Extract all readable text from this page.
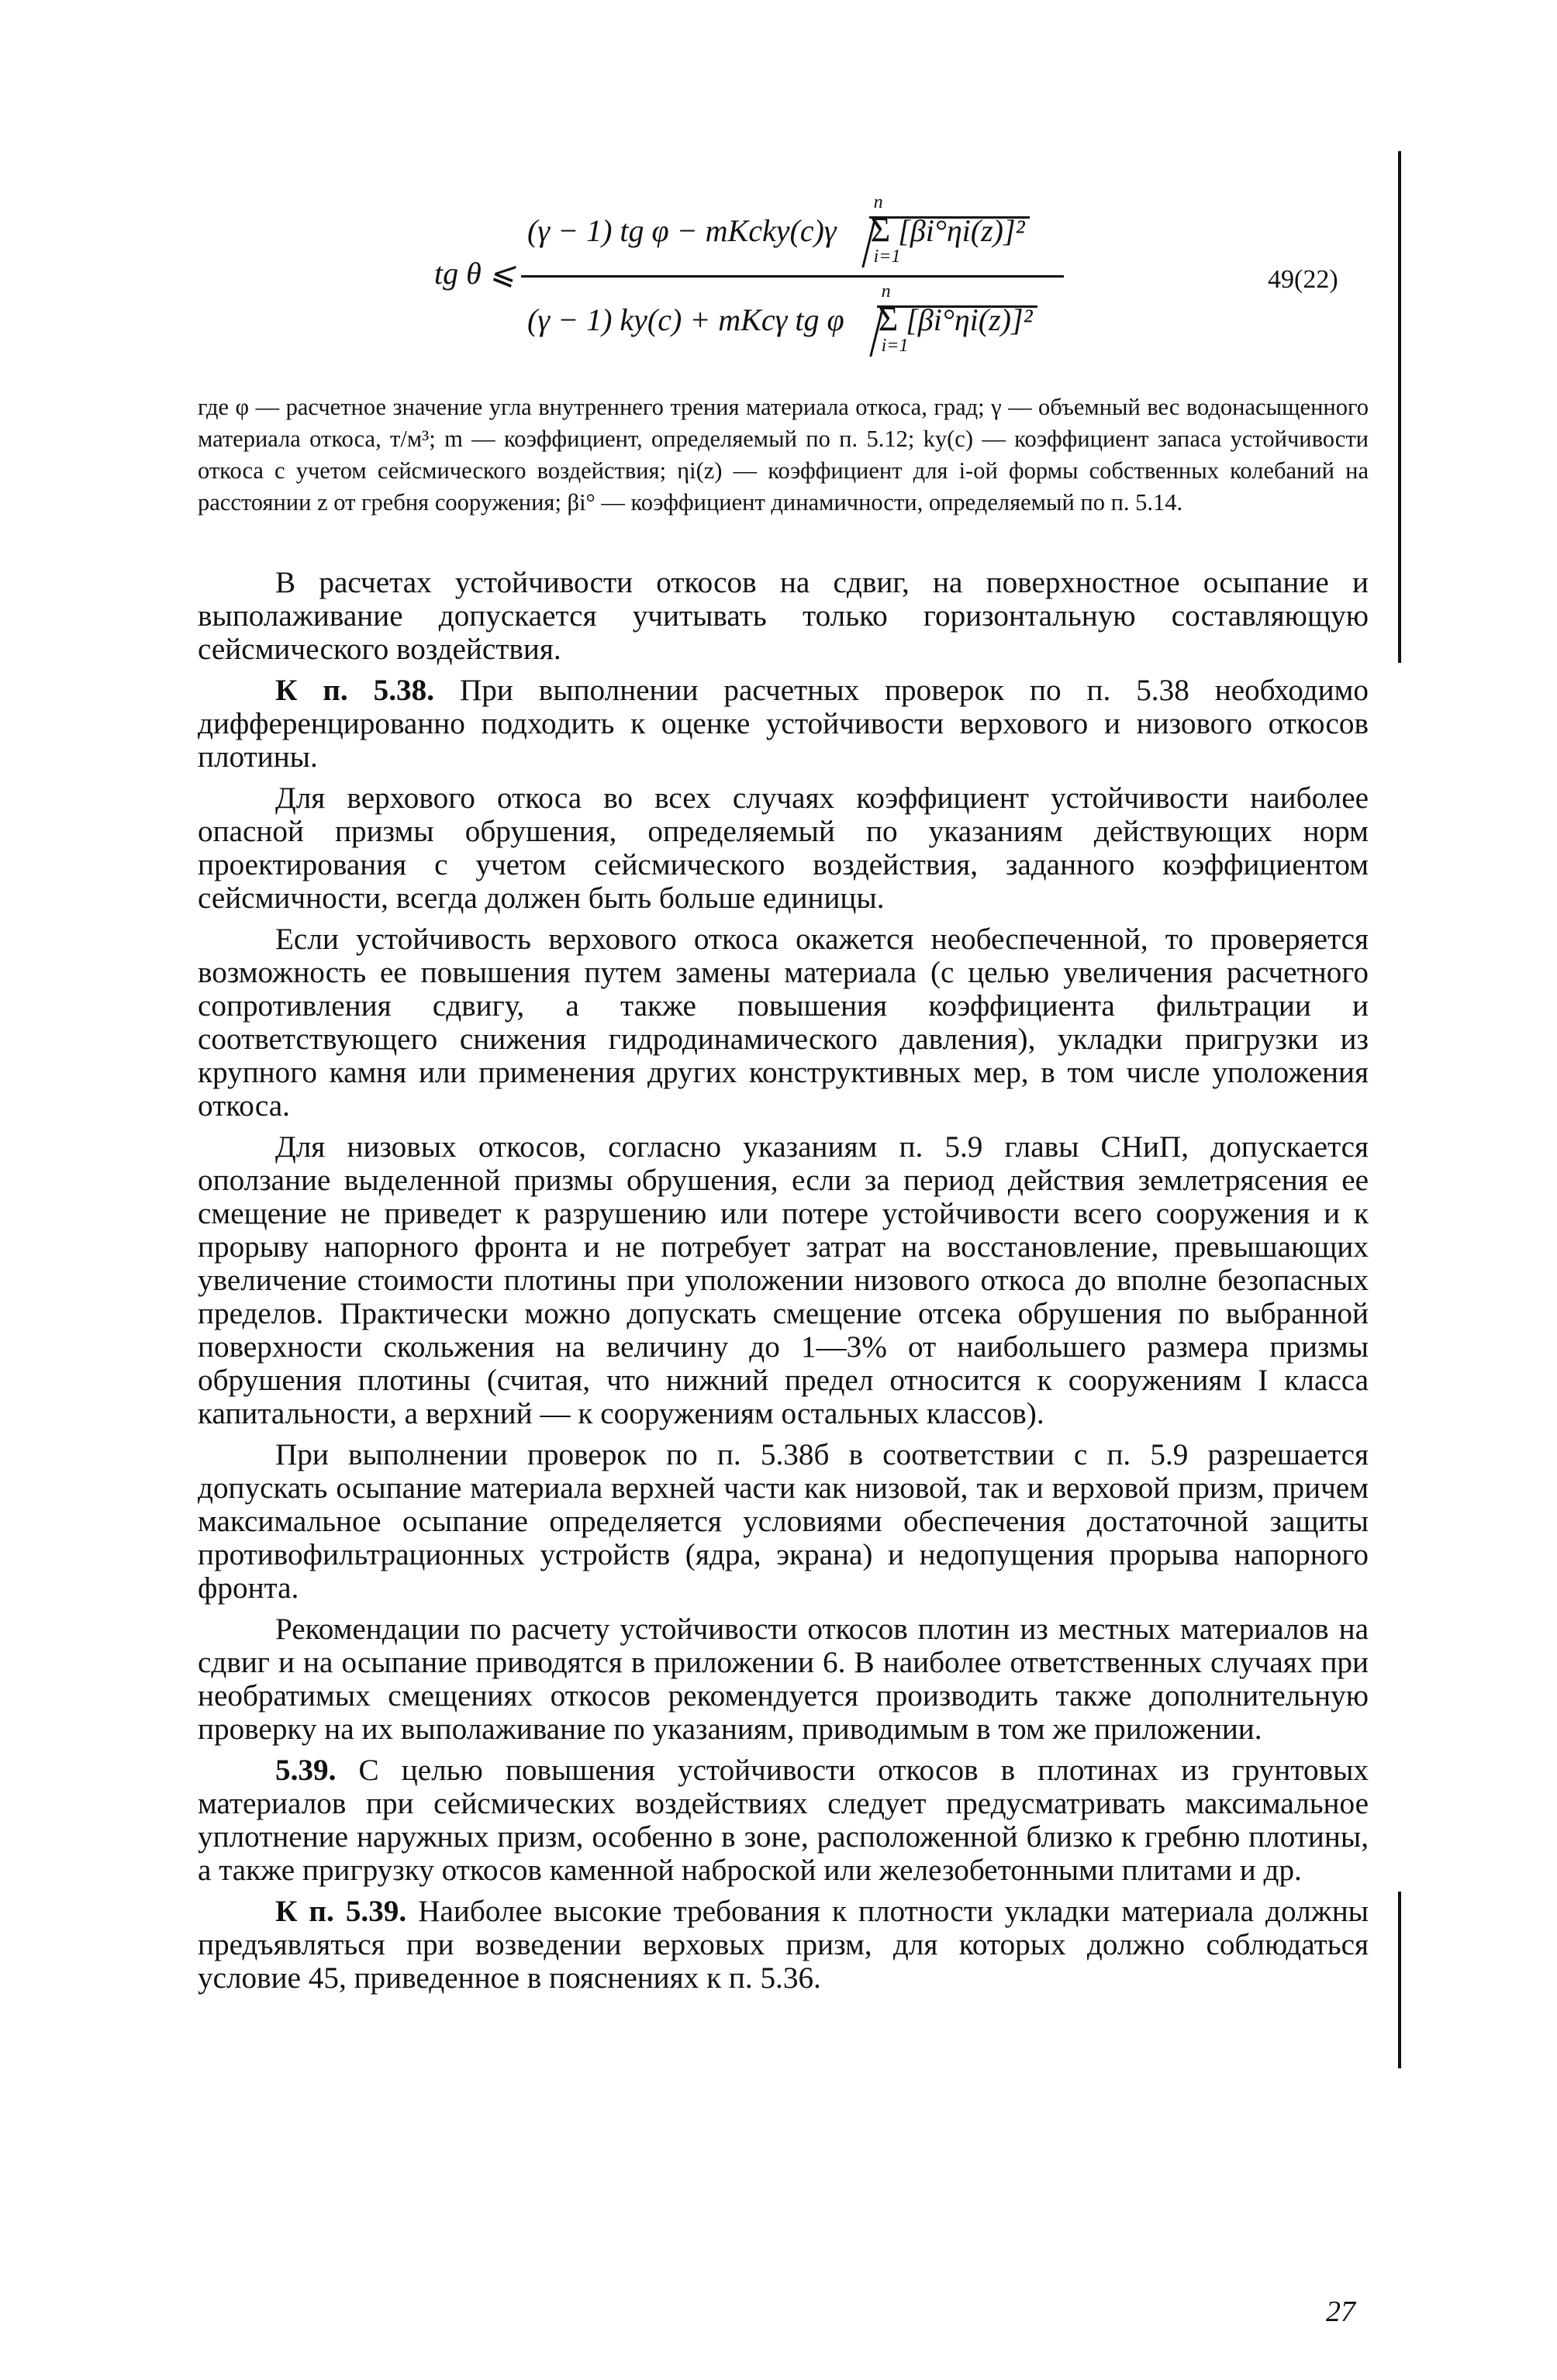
tg θ ⩽
(γ − 1) tg φ − mKcky(c)γ
n
Σ
i=1
[βi°ηi(z)]²
(γ − 1) ky(c) + mKcγ tg φ
n
Σ
i=1
[βi°ηi(z)]²
49(22)
где φ — расчетное значение угла внутреннего трения материала откоса, град; γ — объемный вес водонасыщенного материала откоса, т/м³; m — коэффициент, определяемый по п. 5.12; ky(c) — коэффициент запаса устойчивости откоса с учетом сейсмического воздействия; ηi(z) — коэффициент для i-ой формы собственных колебаний на расстоянии z от гребня сооружения; βi° — коэффициент динамичности, определяемый по п. 5.14.

В расчетах устойчивости откосов на сдвиг, на поверхностное осыпание и выполаживание допускается учитывать только горизонтальную составляющую сейсмического воздействия.

К п. 5.38. При выполнении расчетных проверок по п. 5.38 необходимо дифференцированно подходить к оценке устойчивости верхового и низового откосов плотины.

Для верхового откоса во всех случаях коэффициент устойчивости наиболее опасной призмы обрушения, определяемый по указаниям действующих норм проектирования с учетом сейсмического воздействия, заданного коэффициентом сейсмичности, всегда должен быть больше единицы.

Если устойчивость верхового откоса окажется необеспеченной, то проверяется возможность ее повышения путем замены материала (с целью увеличения расчетного сопротивления сдвигу, а также повышения коэффициента фильтрации и соответствующего снижения гидродинамического давления), укладки пригрузки из крупного камня или применения других конструктивных мер, в том числе уположения откоса.

Для низовых откосов, согласно указаниям п. 5.9 главы СНиП, допускается оползание выделенной призмы обрушения, если за период действия землетрясения ее смещение не приведет к разрушению или потере устойчивости всего сооружения и к прорыву напорного фронта и не потребует затрат на восстановление, превышающих увеличение стоимости плотины при уположении низового откоса до вполне безопасных пределов. Практически можно допускать смещение отсека обрушения по выбранной поверхности скольжения на величину до 1—3% от наибольшего размера призмы обрушения плотины (считая, что нижний предел относится к сооружениям I класса капитальности, а верхний — к сооружениям остальных классов).

При выполнении проверок по п. 5.38б в соответствии с п. 5.9 разрешается допускать осыпание материала верхней части как низовой, так и верховой призм, причем максимальное осыпание определяется условиями обеспечения достаточной защиты противофильтрационных устройств (ядра, экрана) и недопущения прорыва напорного фронта.

Рекомендации по расчету устойчивости откосов плотин из местных материалов на сдвиг и на осыпание приводятся в приложении 6. В наиболее ответственных случаях при необратимых смещениях откосов рекомендуется производить также дополнительную проверку на их выполаживание по указаниям, приводимым в том же приложении.

5.39. С целью повышения устойчивости откосов в плотинах из грунтовых материалов при сейсмических воздействиях следует предусматривать максимальное уплотнение наружных призм, особенно в зоне, расположенной близко к гребню плотины, а также пригрузку откосов каменной наброской или железобетонными плитами и др.

К п. 5.39. Наиболее высокие требования к плотности укладки материала должны предъявляться при возведении верховых призм, для которых должно соблюдаться условие 45, приведенное в пояснениях к п. 5.36.

27
